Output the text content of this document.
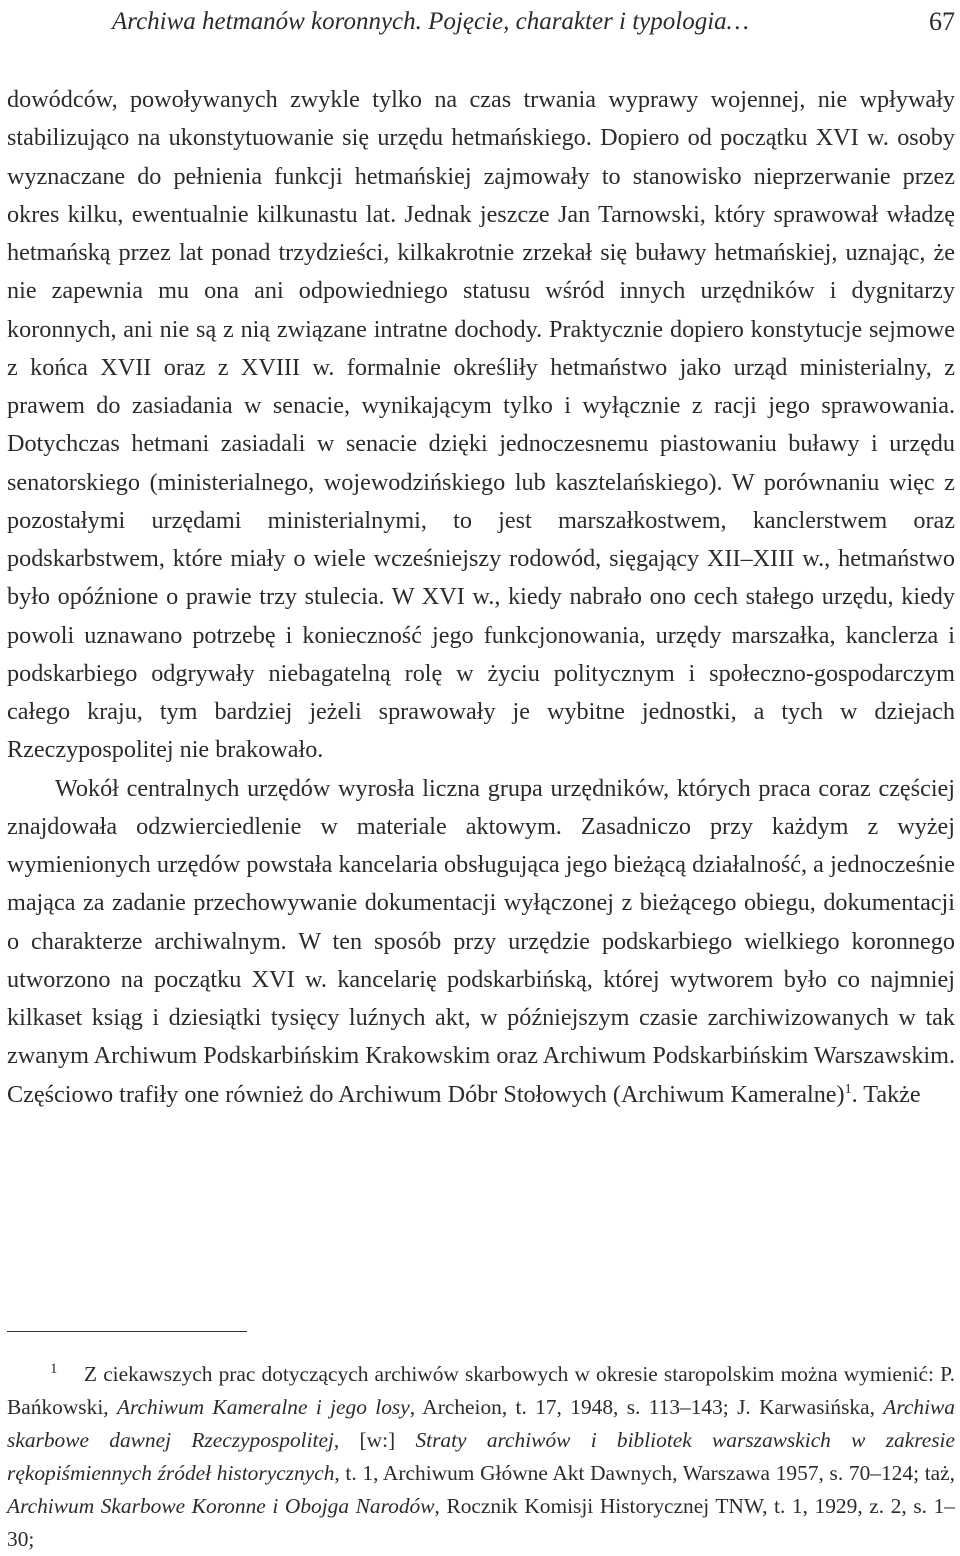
Archiwa hetmanów koronnych. Pojęcie, charakter i typologia…	67

dowódców, powoływanych zwykle tylko na czas trwania wyprawy wojennej, nie wpływały stabilizująco na ukonstytuowanie się urzędu hetmańskiego. Dopiero od początku XVI w. osoby wyznaczane do pełnienia funkcji hetmańskiej zajmowały to stanowisko nieprzerwanie przez okres kilku, ewentualnie kilkunastu lat. Jednak jeszcze Jan Tarnowski, który sprawował władzę hetmańską przez lat ponad trzydzieści, kilkakrotnie zrzekał się buławy hetmańskiej, uznając, że nie zapewnia mu ona ani odpowiedniego statusu wśród innych urzędników i dygnitarzy koronnych, ani nie są z nią związane intratne dochody. Praktycznie dopiero konstytucje sejmowe z końca XVII oraz z XVIII w. formalnie określiły hetmaństwo jako urząd ministerialny, z prawem do zasiadania w senacie, wynikającym tylko i wyłącznie z racji jego sprawowania. Dotychczas hetmani zasiadali w senacie dzięki jednoczesnemu piastowaniu buławy i urzędu senatorskiego (ministerialnego, wojewodzińskiego lub kasztelańskiego). W porównaniu więc z pozostałymi urzędami ministerialnymi, to jest marszałkostwem, kanclerstwem oraz podskarbstwem, które miały o wiele wcześniejszy rodowód, sięgający XII–XIII w., hetmaństwo było opóźnione o prawie trzy stulecia. W XVI w., kiedy nabrało ono cech stałego urzędu, kiedy powoli uznawano potrzebę i konieczność jego funkcjonowania, urzędy marszałka, kanclerza i podskarbiego odgrywały niebagatelną rolę w życiu politycznym i społeczno-gospodarczym całego kraju, tym bardziej jeżeli sprawowały je wybitne jednostki, a tych w dziejach Rzeczypospolitej nie brakowało.

Wokół centralnych urzędów wyrosła liczna grupa urzędników, których praca coraz częściej znajdowała odzwierciedlenie w materiale aktowym. Zasadniczo przy każdym z wyżej wymienionych urzędów powstała kancelaria obsługująca jego bieżącą działalność, a jednocześnie mająca za zadanie przechowywanie dokumentacji wyłączonej z bieżącego obiegu, dokumentacji o charakterze archiwalnym. W ten sposób przy urzędzie podskarbiego wielkiego koronnego utworzono na początku XVI w. kancelarię podskarbińską, której wytworem było co najmniej kilkaset ksiąg i dziesiątki tysięcy luźnych akt, w późniejszym czasie zarchiwizowanych w tak zwanym Archiwum Podskarbińskim Krakowskim oraz Archiwum Podskarbińskim Warszawskim. Częściowo trafiły one również do Archiwum Dóbr Stołowych (Archiwum Kameralne)$^1$. Także

1 Z ciekawszych prac dotyczących archiwów skarbowych w okresie staropolskim można wymienić: P. Bańkowski, Archiwum Kameralne i jego losy, Archeion, t. 17, 1948, s. 113–143; J. Karwasińska, Archiwa skarbowe dawnej Rzeczypospolitej, [w:] Straty archiwów i bibliotek warszawskich w zakresie rękopiśmiennych źródeł historycznych, t. 1, Archiwum Główne Akt Dawnych, Warszawa 1957, s. 70–124; taż, Archiwum Skarbowe Koronne i Obojga Narodów, Rocznik Komisji Historycznej TNW, t. 1, 1929, z. 2, s. 1–30;
